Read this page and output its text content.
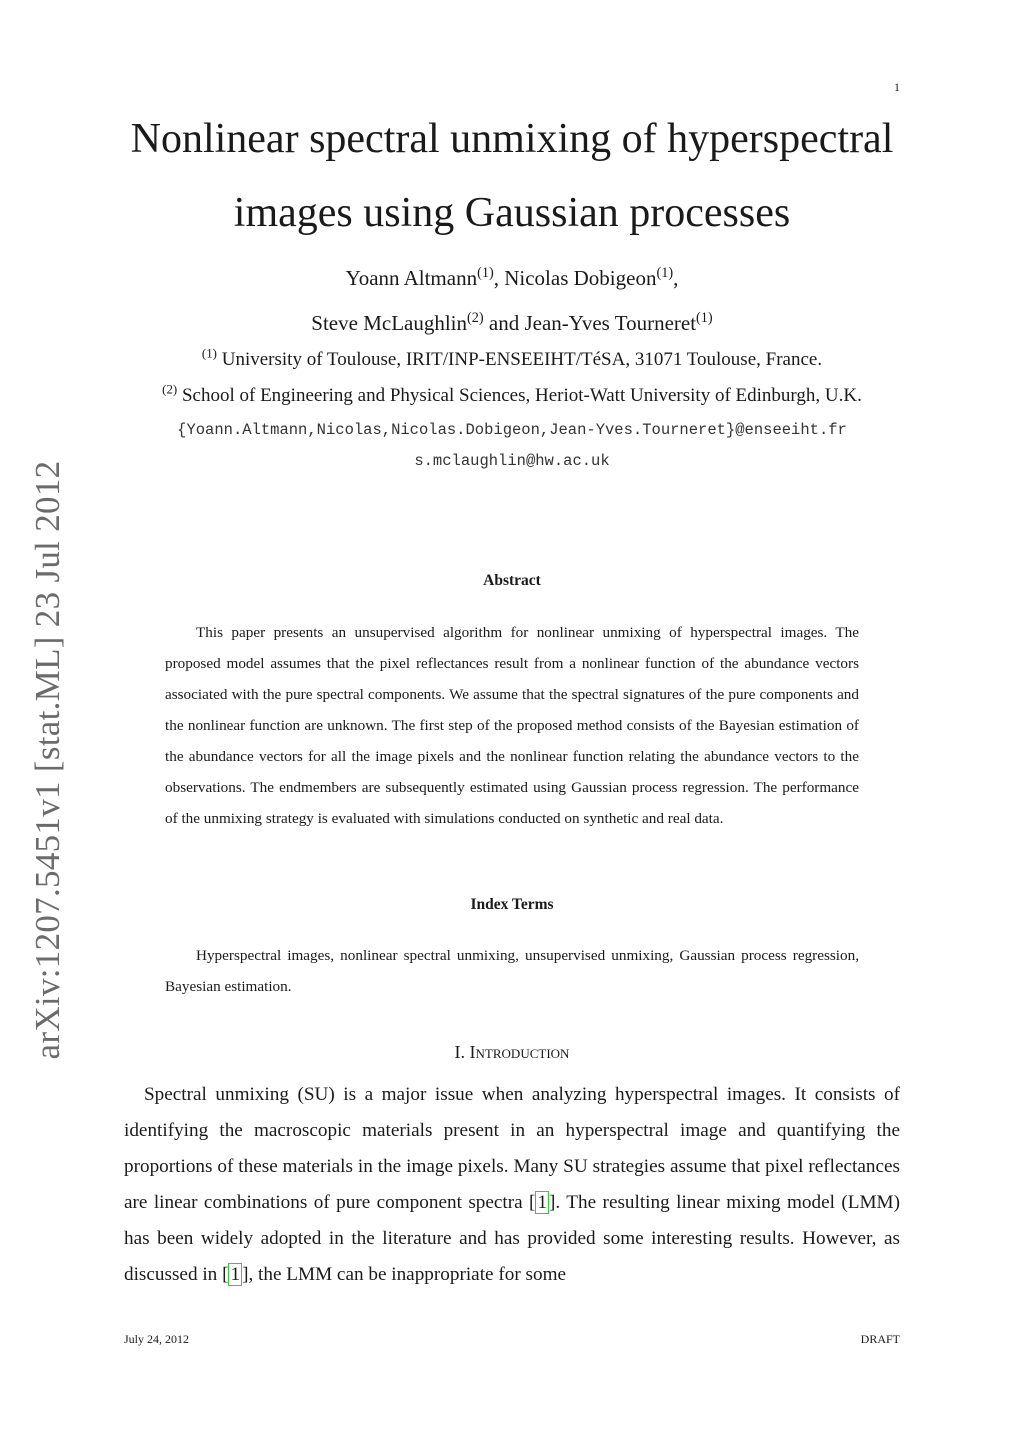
1
arXiv:1207.5451v1 [stat.ML] 23 Jul 2012
Nonlinear spectral unmixing of hyperspectral
images using Gaussian processes
Yoann Altmann$^{(1)}$, Nicolas Dobigeon$^{(1)}$,
Steve McLaughlin$^{(2)}$ and Jean-Yves Tourneret$^{(1)}$
$^{(1)}$ University of Toulouse, IRIT/INP-ENSEEIHT/TéSA, 31071 Toulouse, France.
$^{(2)}$ School of Engineering and Physical Sciences, Heriot-Watt University of Edinburgh, U.K.
{Yoann.Altmann,Nicolas,Nicolas.Dobigeon,Jean-Yves.Tourneret}@enseeiht.fr
s.mclaughlin@hw.ac.uk
Abstract

This paper presents an unsupervised algorithm for nonlinear unmixing of hyperspectral images. The proposed model assumes that the pixel reflectances result from a nonlinear function of the abundance vectors associated with the pure spectral components. We assume that the spectral signatures of the pure components and the nonlinear function are unknown. The first step of the proposed method consists of the Bayesian estimation of the abundance vectors for all the image pixels and the nonlinear function relating the abundance vectors to the observations. The endmembers are subsequently estimated using Gaussian process regression. The performance of the unmixing strategy is evaluated with simulations conducted on synthetic and real data.

Index Terms

Hyperspectral images, nonlinear spectral unmixing, unsupervised unmixing, Gaussian process regression, Bayesian estimation.

I. Introduction

Spectral unmixing (SU) is a major issue when analyzing hyperspectral images. It consists of identifying the macroscopic materials present in an hyperspectral image and quantifying the proportions of these materials in the image pixels. Many SU strategies assume that pixel reflectances are linear combinations of pure component spectra [ 1 ]. The resulting linear mixing model (LMM) has been widely adopted in the literature and has provided some interesting results. However, as discussed in [ 1 ], the LMM can be inappropriate for some

July 24, 2012	DRAFT
